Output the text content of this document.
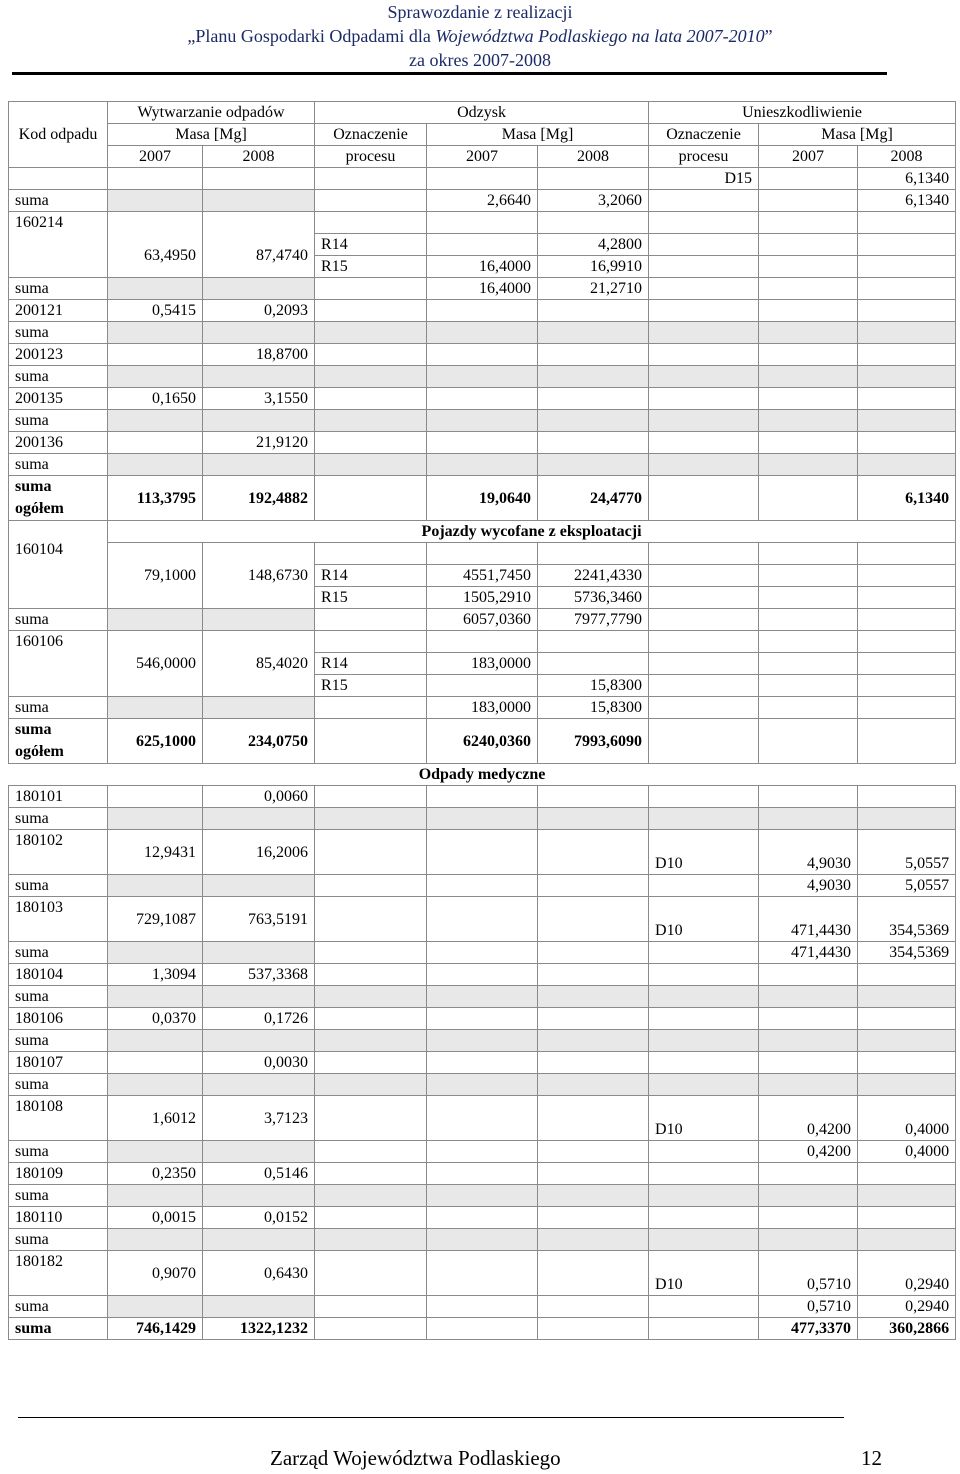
Sprawozdanie z realizacji
„Planu Gospodarki Odpadami dla Województwa Podlaskiego na lata 2007-2010”
za okres 2007-2008
Kod odpadu	Wytwarzanie odpadów		Odzysk			Unieszkodliwienie		
	Masa [Mg]		Oznaczenie	Masa [Mg]		Oznaczenie	Masa [Mg]	
	2007	2008	procesu	2007	2008	procesu	2007	2008
						D15		6,1340
suma				2,6640	3,2060			6,1340
160214	63,4950	87,4740						
			R14		4,2800			
			R15	16,4000	16,9910			
suma				16,4000	21,2710			
200121	0,5415	0,2093						
suma								
200123		18,8700						
suma								
200135	0,1650	3,1550						
suma								
200136		21,9120						
suma								
suma ogółem	113,3795	192,4882		19,0640	24,4770			6,1340
160104	Pojazdy wycofane z eksploatacji							
	79,1000	148,6730						
			R14	4551,7450	2241,4330			
			R15	1505,2910	5736,3460			
suma				6057,0360	7977,7790			
160106	546,0000	85,4020						
			R14	183,0000				
			R15		15,8300			
suma				183,0000	15,8300			
suma ogółem	625,1000	234,0750		6240,0360	7993,6090			
Odpady medyczne								
180101		0,0060						
suma								
180102	12,9431	16,2006				D10	4,9030	5,0557
suma							4,9030	5,0557
180103	729,1087	763,5191				D10	471,4430	354,5369
suma							471,4430	354,5369
180104	1,3094	537,3368						
suma								
180106	0,0370	0,1726						
suma								
180107		0,0030						
suma								
180108	1,6012	3,7123				D10	0,4200	0,4000
suma							0,4200	0,4000
180109	0,2350	0,5146						
suma								
180110	0,0015	0,0152						
suma								
180182	0,9070	0,6430				D10	0,5710	0,2940
suma							0,5710	0,2940
suma	746,1429	1322,1232					477,3370	360,2866
Zarząd Województwa Podlaskiego	12
